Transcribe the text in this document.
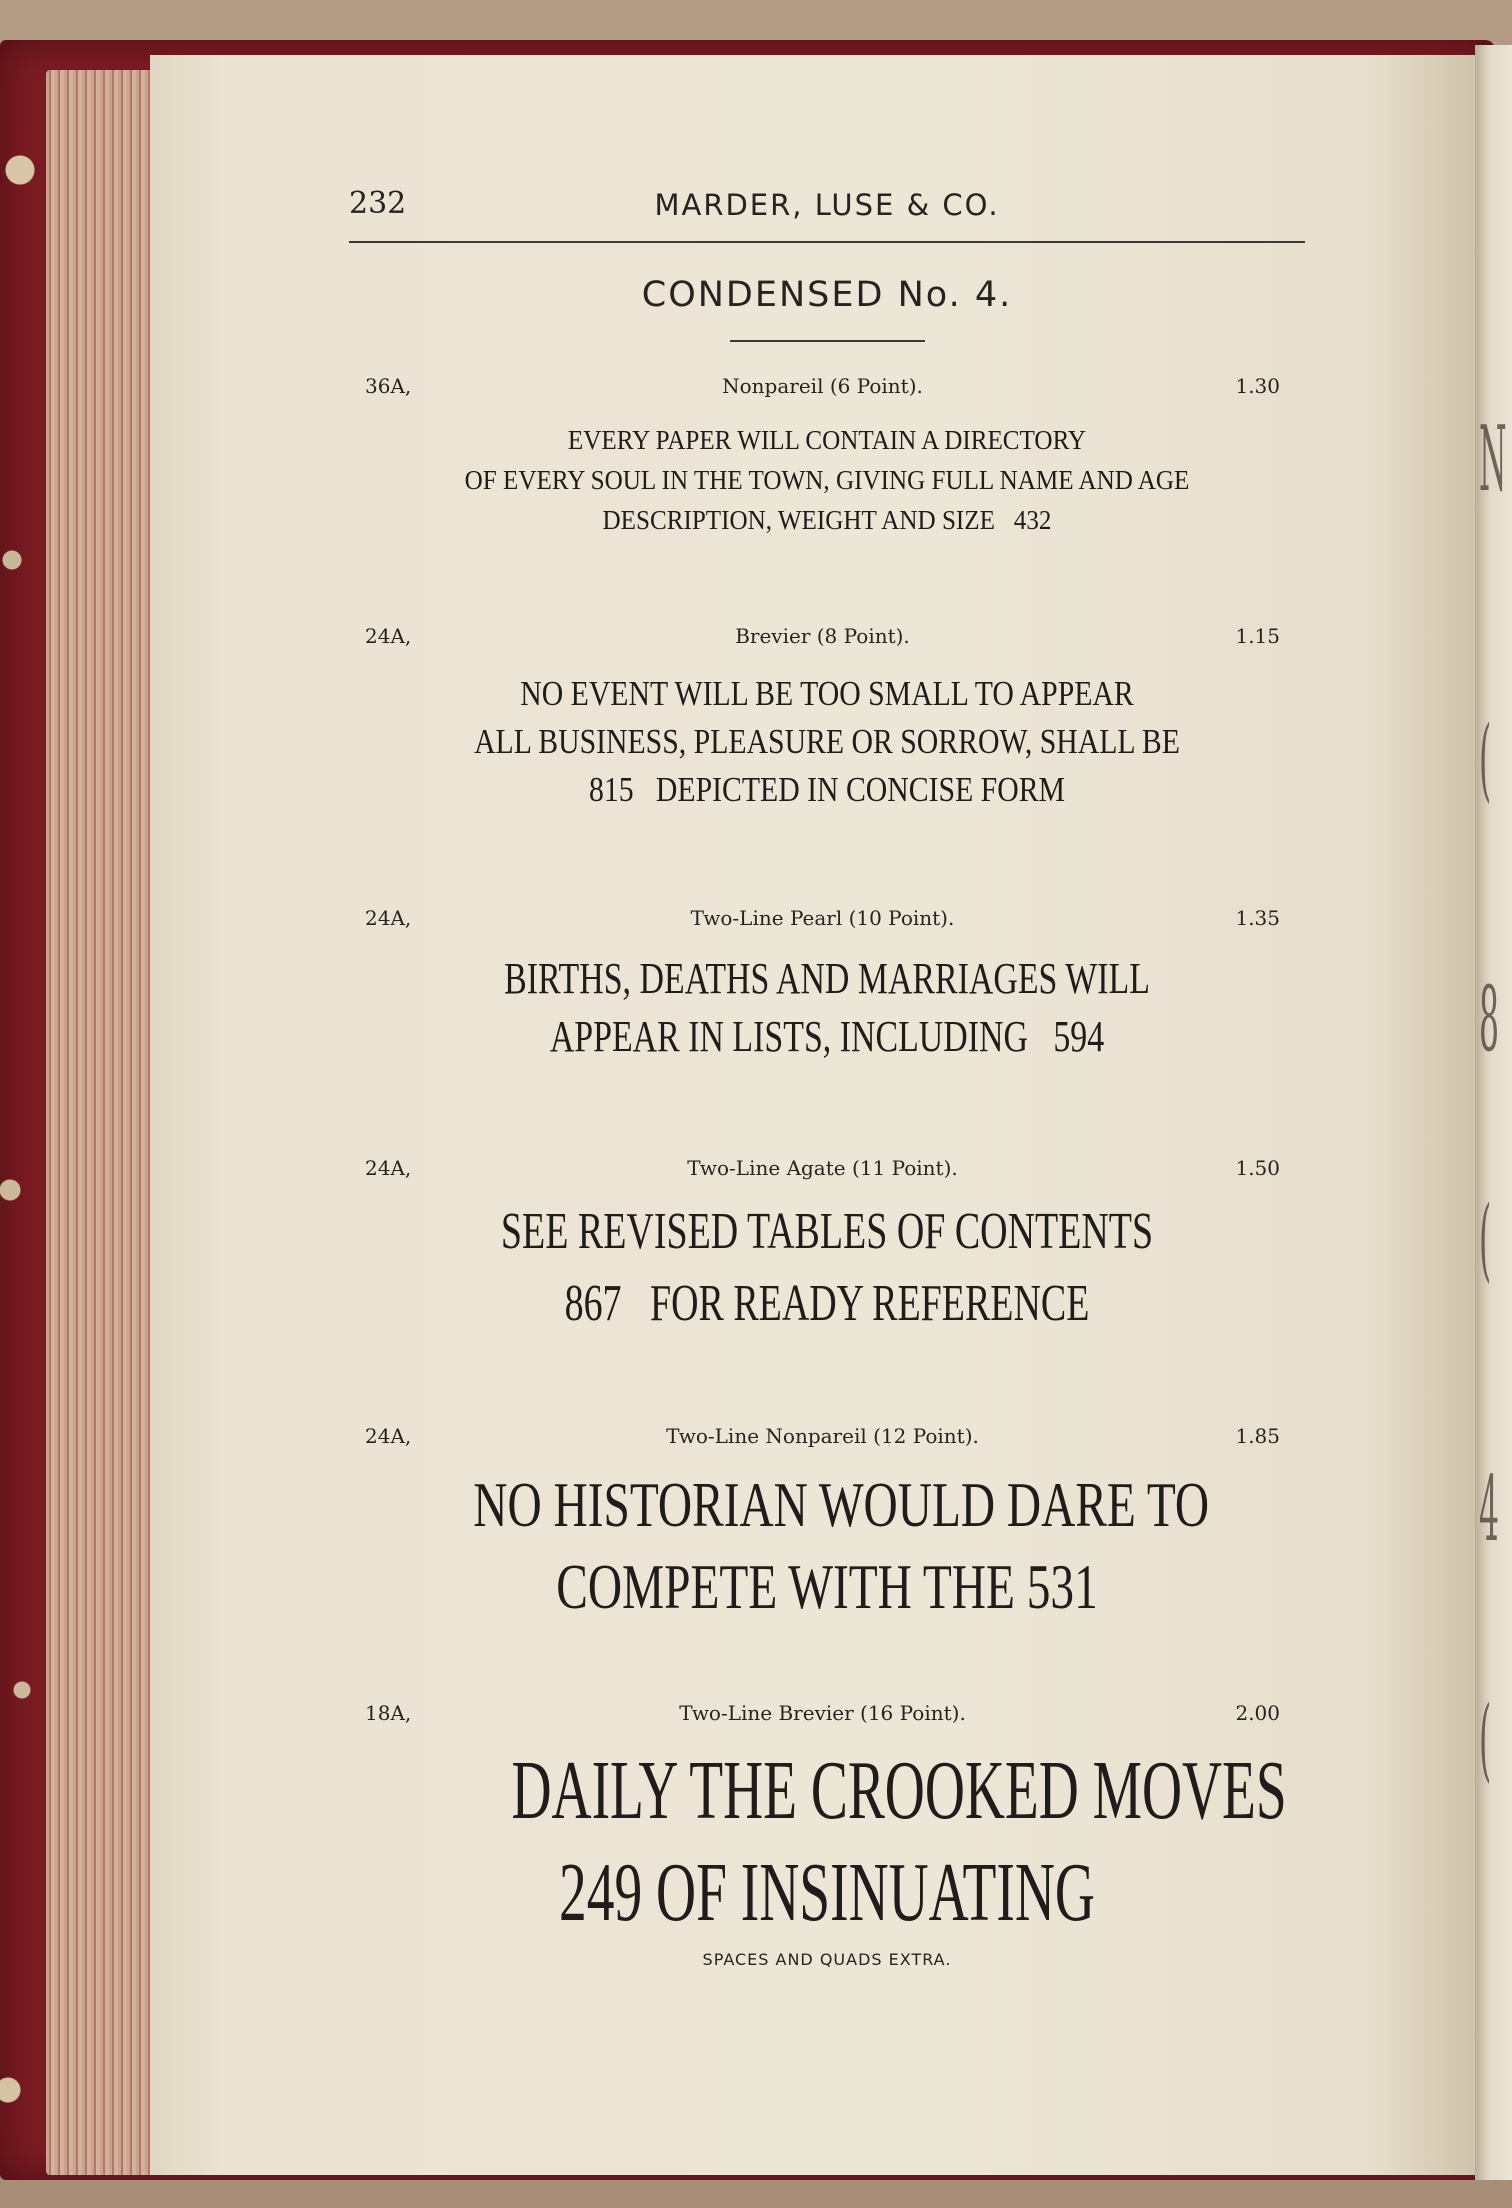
N
(
8
(
4
(
MARDER, LUSE & CO.
232
CONDENSED No. 4.
36A,	Nonpareil (6 Point).	1.30
EVERY PAPER WILL CONTAIN A DIRECTORY
OF EVERY SOUL IN THE TOWN, GIVING FULL NAME AND AGE
DESCRIPTION, WEIGHT AND SIZE   432
24A,	Brevier (8 Point).	1.15
NO EVENT WILL BE TOO SMALL TO APPEAR
ALL BUSINESS, PLEASURE OR SORROW, SHALL BE
815   DEPICTED IN CONCISE FORM
24A,	Two-Line Pearl (10 Point).	1.35
BIRTHS, DEATHS AND MARRIAGES WILL
APPEAR IN LISTS, INCLUDING   594
24A,	Two-Line Agate (11 Point).	1.50
SEE REVISED TABLES OF CONTENTS
867   FOR READY REFERENCE
24A,	Two-Line Nonpareil (12 Point).	1.85
NO HISTORIAN WOULD DARE TO
COMPETE WITH THE 531
18A,	Two-Line Brevier (16 Point).	2.00
DAILY THE CROOKED MOVES
249 OF INSINUATING
SPACES AND QUADS EXTRA.
